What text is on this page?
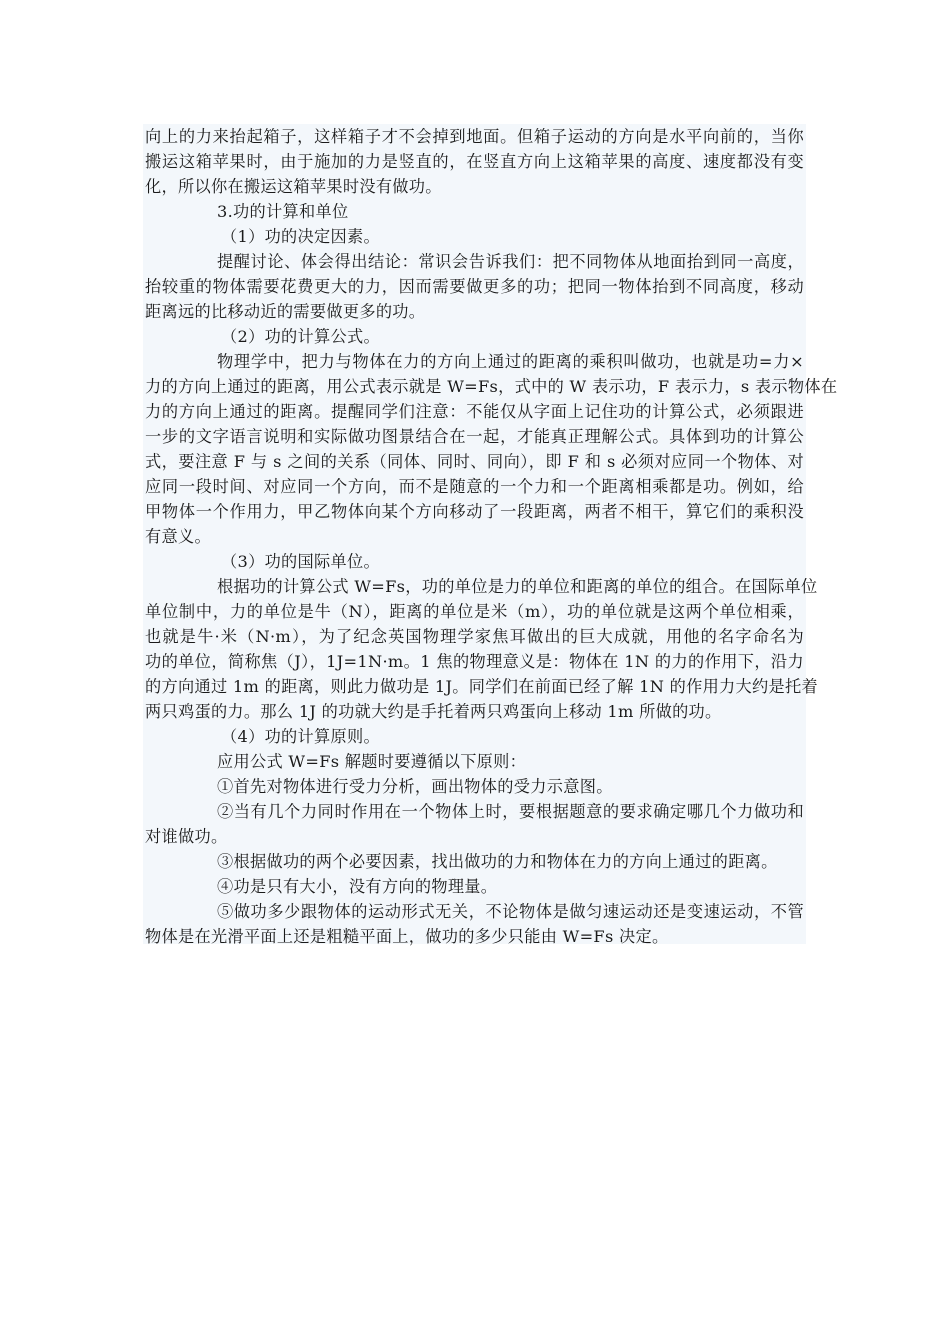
向上的力来抬起箱子，这样箱子才不会掉到地面。但箱子运动的方向是水平向前的，当你
搬运这箱苹果时，由于施加的力是竖直的，在竖直方向上这箱苹果的高度、速度都没有变
化，所以你在搬运这箱苹果时没有做功。
3.功的计算和单位
（1）功的决定因素。
提醒讨论、体会得出结论：常识会告诉我们：把不同物体从地面抬到同一高度，
抬较重的物体需要花费更大的力，因而需要做更多的功；把同一物体抬到不同高度，移动
距离远的比移动近的需要做更多的功。
（2）功的计算公式。
物理学中，把力与物体在力的方向上通过的距离的乘积叫做功，也就是功=力×
力的方向上通过的距离，用公式表示就是 W=Fs，式中的 W 表示功，F 表示力，s 表示物体在
力的方向上通过的距离。提醒同学们注意：不能仅从字面上记住功的计算公式，必须跟进
一步的文字语言说明和实际做功图景结合在一起，才能真正理解公式。具体到功的计算公
式，要注意 F 与 s 之间的关系（同体、同时、同向），即 F 和 s 必须对应同一个物体、对
应同一段时间、对应同一个方向，而不是随意的一个力和一个距离相乘都是功。例如，给
甲物体一个作用力，甲乙物体向某个方向移动了一段距离，两者不相干，算它们的乘积没
有意义。
（3）功的国际单位。
根据功的计算公式 W=Fs，功的单位是力的单位和距离的单位的组合。在国际单位
单位制中，力的单位是牛（N），距离的单位是米（m），功的单位就是这两个单位相乘，
也就是牛·米（N·m），为了纪念英国物理学家焦耳做出的巨大成就，用他的名字命名为
功的单位，简称焦（J），1J=1N·m。1 焦的物理意义是：物体在 1N 的力的作用下，沿力
的方向通过 1m 的距离，则此力做功是 1J。同学们在前面已经了解 1N 的作用力大约是托着
两只鸡蛋的力。那么 1J 的功就大约是手托着两只鸡蛋向上移动 1m 所做的功。
（4）功的计算原则。
应用公式 W=Fs 解题时要遵循以下原则：
①首先对物体进行受力分析，画出物体的受力示意图。
②当有几个力同时作用在一个物体上时，要根据题意的要求确定哪几个力做功和
对谁做功。
③根据做功的两个必要因素，找出做功的力和物体在力的方向上通过的距离。
④功是只有大小，没有方向的物理量。
⑤做功多少跟物体的运动形式无关，不论物体是做匀速运动还是变速运动，不管
物体是在光滑平面上还是粗糙平面上，做功的多少只能由 W=Fs 决定。
